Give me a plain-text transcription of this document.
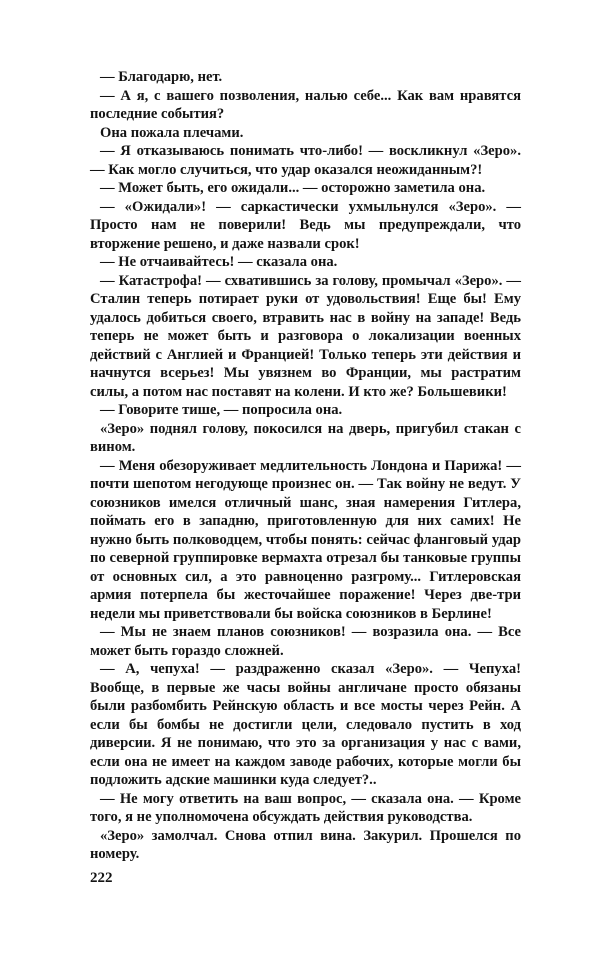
— Благодарю, нет.

— А я, с вашего позволения, налью себе... Как вам нравятся последние события?

Она пожала плечами.

— Я отказываюсь понимать что-либо! — воскликнул «Зеро». — Как могло случиться, что удар оказался неожиданным?!

— Может быть, его ожидали... — осторожно заметила она.

— «Ожидали»! — саркастически ухмыльнулся «Зеро». — Просто нам не поверили! Ведь мы предупреждали, что вторжение решено, и даже назвали срок!

— Не отчаивайтесь! — сказала она.

— Катастрофа! — схватившись за голову, промычал «Зеро». — Сталин теперь потирает руки от удовольствия! Еще бы! Ему удалось добиться своего, втравить нас в войну на западе! Ведь теперь не может быть и разговора о локализации военных действий с Англией и Францией! Только теперь эти действия и начнутся всерьез! Мы увязнем во Франции, мы растратим силы, а потом нас поставят на колени. И кто же? Большевики!

— Говорите тише, — попросила она.

«Зеро» поднял голову, покосился на дверь, пригубил стакан с вином.

— Меня обезоруживает медлительность Лондона и Парижа! — почти шепотом негодующе произнес он. — Так войну не ведут. У союзников имелся отличный шанс, зная намерения Гитлера, поймать его в западню, приготовленную для них самих! Не нужно быть полководцем, чтобы понять: сейчас фланговый удар по северной группировке вермахта отрезал бы танковые группы от основных сил, а это равноценно разгрому... Гитлеровская армия потерпела бы жесточайшее поражение! Через две-три недели мы приветствовали бы войска союзников в Берлине!

— Мы не знаем планов союзников! — возразила она. — Все может быть гораздо сложней.

— А, чепуха! — раздраженно сказал «Зеро». — Чепуха! Вообще, в первые же часы войны англичане просто обязаны были разбомбить Рейнскую область и все мосты через Рейн. А если бы бомбы не достигли цели, следовало пустить в ход диверсии. Я не понимаю, что это за организация у нас с вами, если она не имеет на каждом заводе рабочих, которые могли бы подложить адские машинки куда следует?..

— Не могу ответить на ваш вопрос, — сказала она. — Кроме того, я не уполномочена обсуждать действия руководства.

«Зеро» замолчал. Снова отпил вина. Закурил. Прошелся по номеру.

222
